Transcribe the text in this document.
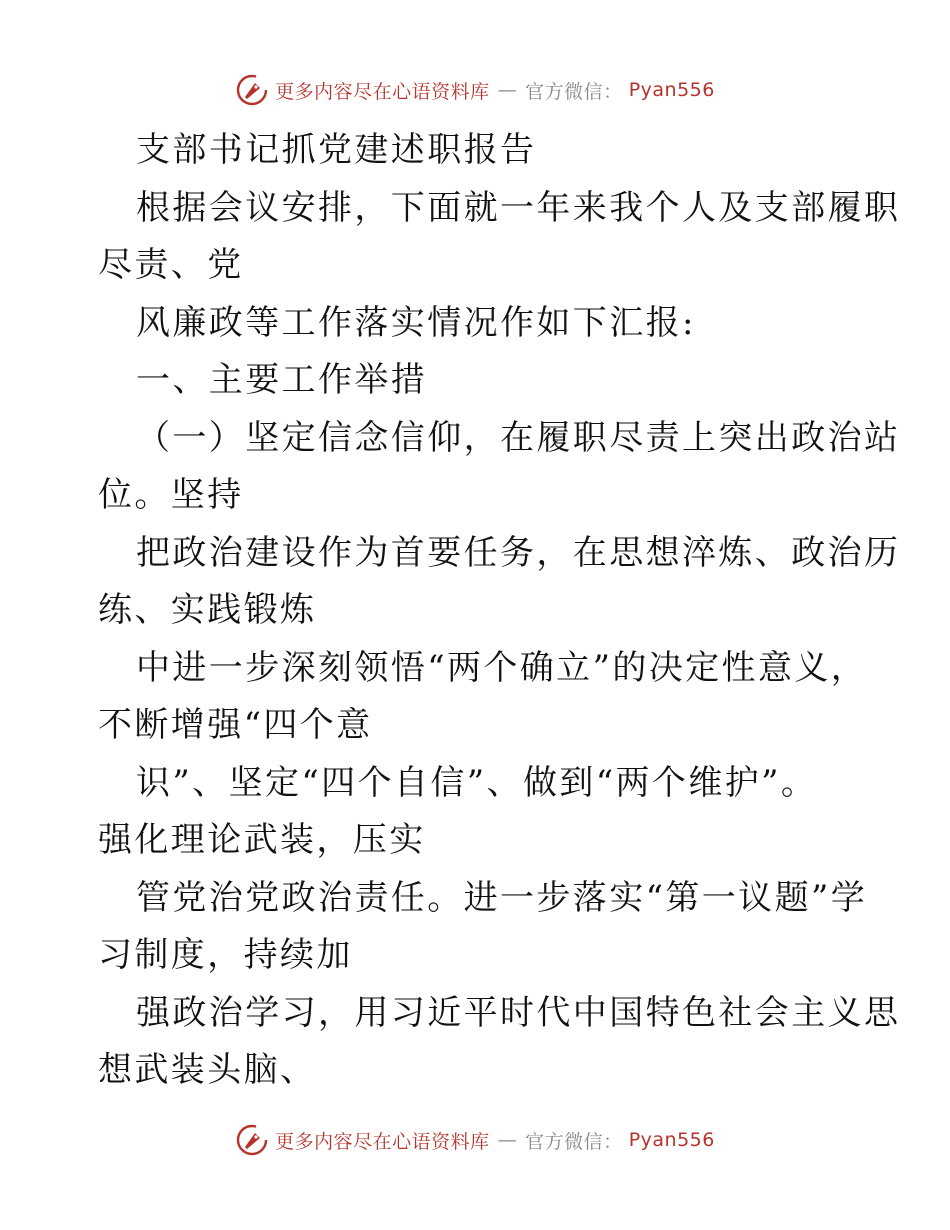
更多内容尽在心语资料库 — 官方微信： Pyan556
支部书记抓党建述职报告
根据会议安排，下面就一年来我个人及支部履职
尽责、党
风廉政等工作落实情况作如下汇报:
一、主要工作举措
（一）坚定信念信仰，在履职尽责上突出政治站
位。坚持
把政治建设作为首要任务，在思想淬炼、政治历
练、实践锻炼
中进一步深刻领悟“两个确立”的决定性意义，
不断增强“四个意
识”、坚定“四个自信”、做到“两个维护”。
强化理论武装，压实
管党治党政治责任。进一步落实“第一议题”学
习制度，持续加
强政治学习，用习近平时代中国特色社会主义思
想武装头脑、
更多内容尽在心语资料库 — 官方微信： Pyan556
